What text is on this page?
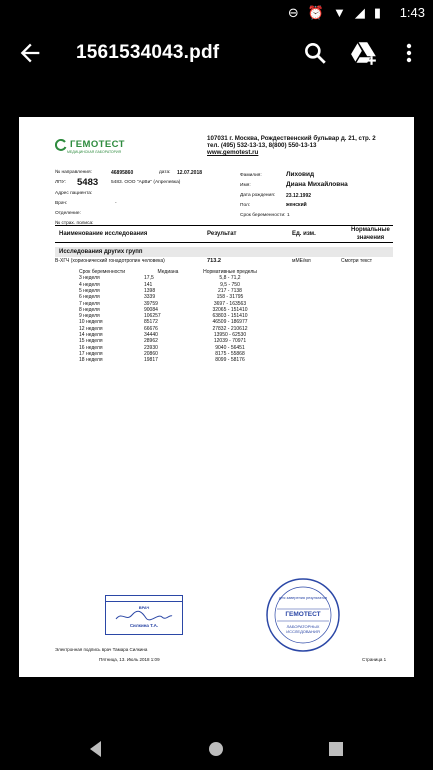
⊖ ⏰ ▼ ◢ ▮ 1:43
1561534043.pdf
ГЕМОТЕСТ
МЕДИЦИНСКАЯ ЛАБОРАТОРИЯ
107031 г. Москва, Рождественский бульвар д. 21, стр. 2
тел. (495) 532-13-13, 8(800) 550-13-13
www.gemotest.ru
№ направления:	46895860	дата: 12.07.2018
ЛПУ: 5483	5483. ООО "АрВи" (Апрелевка)
Адрес пациента:
Врач:	-
Отделение:
№ страх. полиса:
Фамилия:	Лиховид
Имя:	Диана Михайловна
Дата рождения: 23.12.1992
Пол:	женский
Срок беременности: 1
Наименование исследования	Результат	Ед. изм.
Нормальные
значения
Исследования других групп
В-ХГЧ (хорионический гонадотропин человека)	713.2	мМЕ/мл	Смотри текст
Срок беременности	Медиана	Нормативные пределы
3 неделя	17,5	5,8 - 71,2
4 неделя	141	9,5 - 750
5 неделя	1398	217 - 7138
6 неделя	3339	158 - 31795
7 неделя	39759	3697 - 163563
8 неделя	90084	32065 - 151410
9 неделя	106257	63803 - 151410
10 неделя	85172	46509 - 186977
12 неделя	66676	27832 - 210612
14 неделя	34440	13950 - 62530
15 неделя	28962	12039 - 70971
16 неделя	23930	9040 - 56451
17 неделя	20860	8175 - 55868
18 неделя	19817	8099 - 58176
ВРАЧ
Силкина Т.А.
для заверения результатов
ГЕМОТЕСТ
ЛАБОРАТОРНЫХ
ИССЛЕДОВАНИЯ
Электронная подпись врач Тамара Силкина
Пятница, 13. Июль 2018 1:09	Страница 1
